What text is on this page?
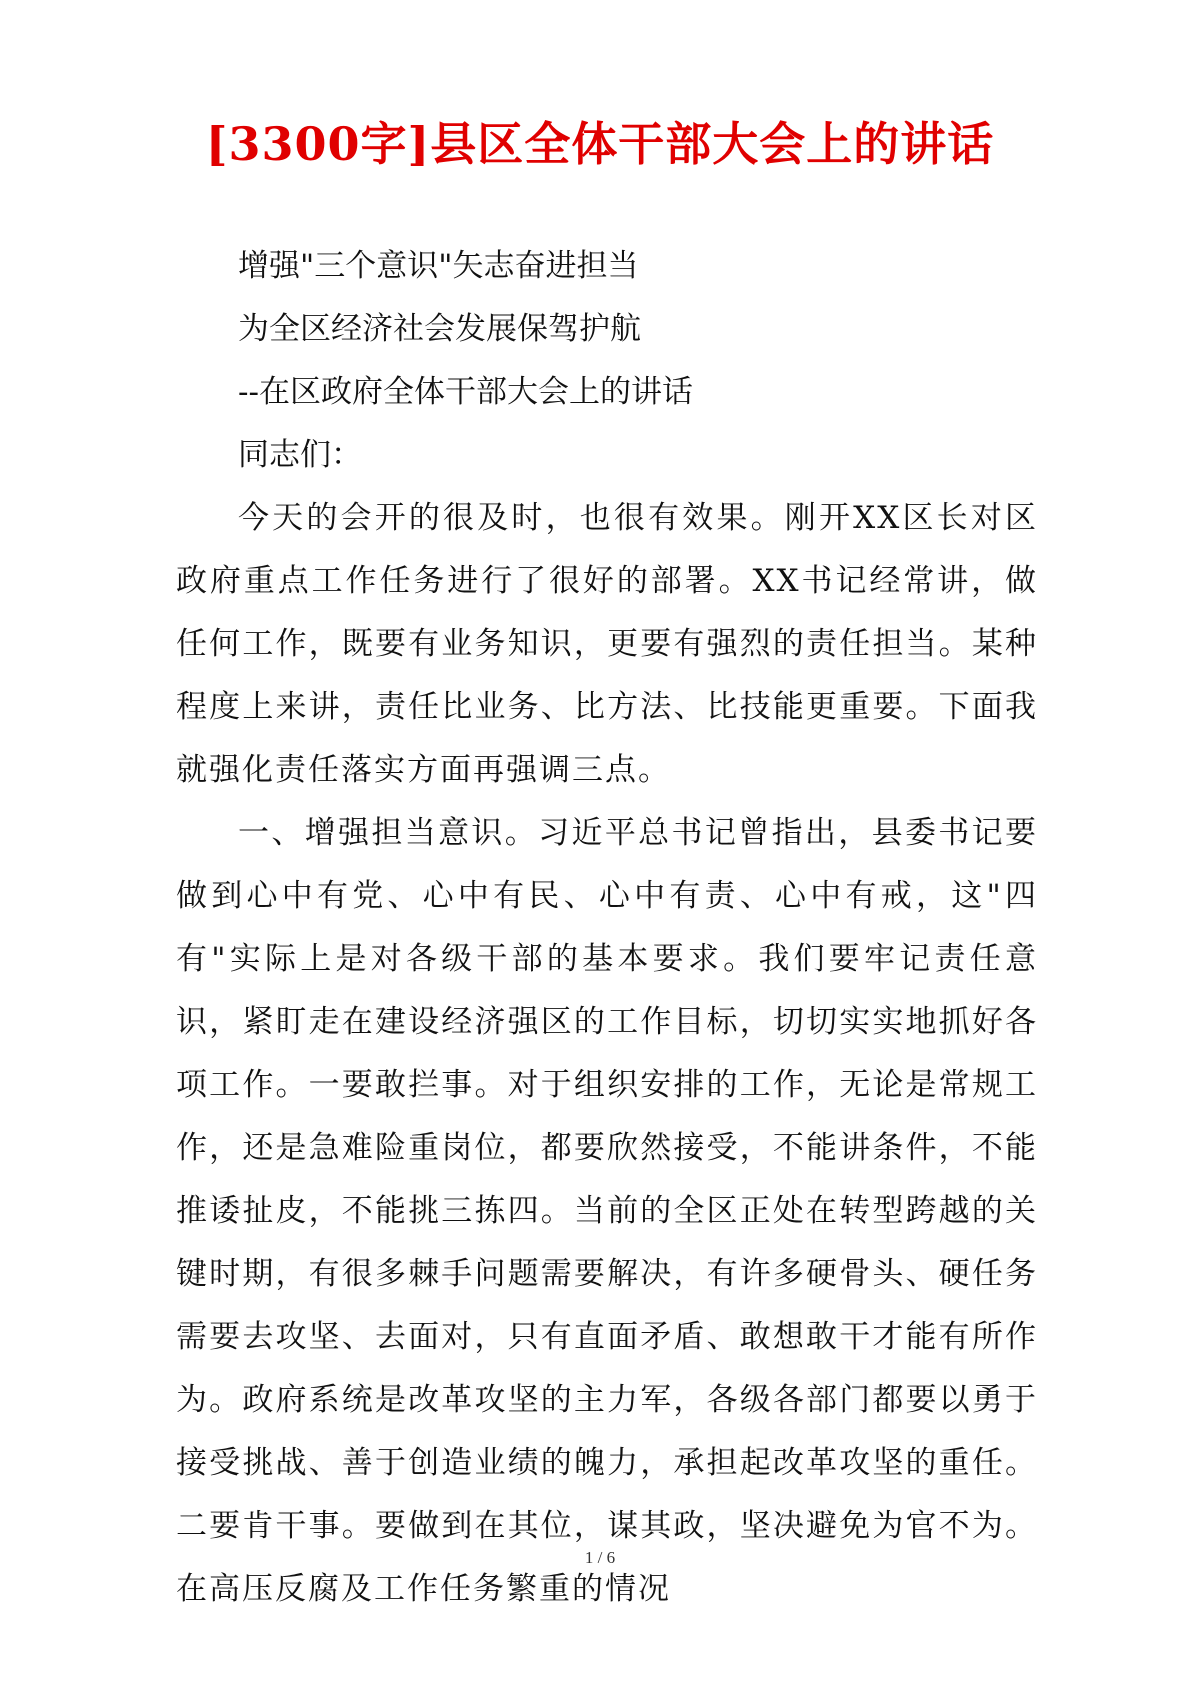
[3300字]县区全体干部大会上的讲话

增强"三个意识"矢志奋进担当

为全区经济社会发展保驾护航

--在区政府全体干部大会上的讲话

同志们：

今天的会开的很及时，也很有效果。刚开XX区长对区政府重点工作任务进行了很好的部署。XX书记经常讲，做任何工作，既要有业务知识，更要有强烈的责任担当。某种程度上来讲，责任比业务、比方法、比技能更重要。下面我就强化责任落实方面再强调三点。

一、增强担当意识。习近平总书记曾指出，县委书记要做到心中有党、心中有民、心中有责、心中有戒，这"四有"实际上是对各级干部的基本要求。我们要牢记责任意识，紧盯走在建设经济强区的工作目标，切切实实地抓好各项工作。一要敢拦事。对于组织安排的工作，无论是常规工作，还是急难险重岗位，都要欣然接受，不能讲条件，不能推诿扯皮，不能挑三拣四。当前的全区正处在转型跨越的关键时期，有很多棘手问题需要解决，有许多硬骨头、硬任务需要去攻坚、去面对，只有直面矛盾、敢想敢干才能有所作为。政府系统是改革攻坚的主力军，各级各部门都要以勇于接受挑战、善于创造业绩的魄力，承担起改革攻坚的重任。二要肯干事。要做到在其位，谋其政，坚决避免为官不为。在高压反腐及工作任务繁重的情况

1 / 6
